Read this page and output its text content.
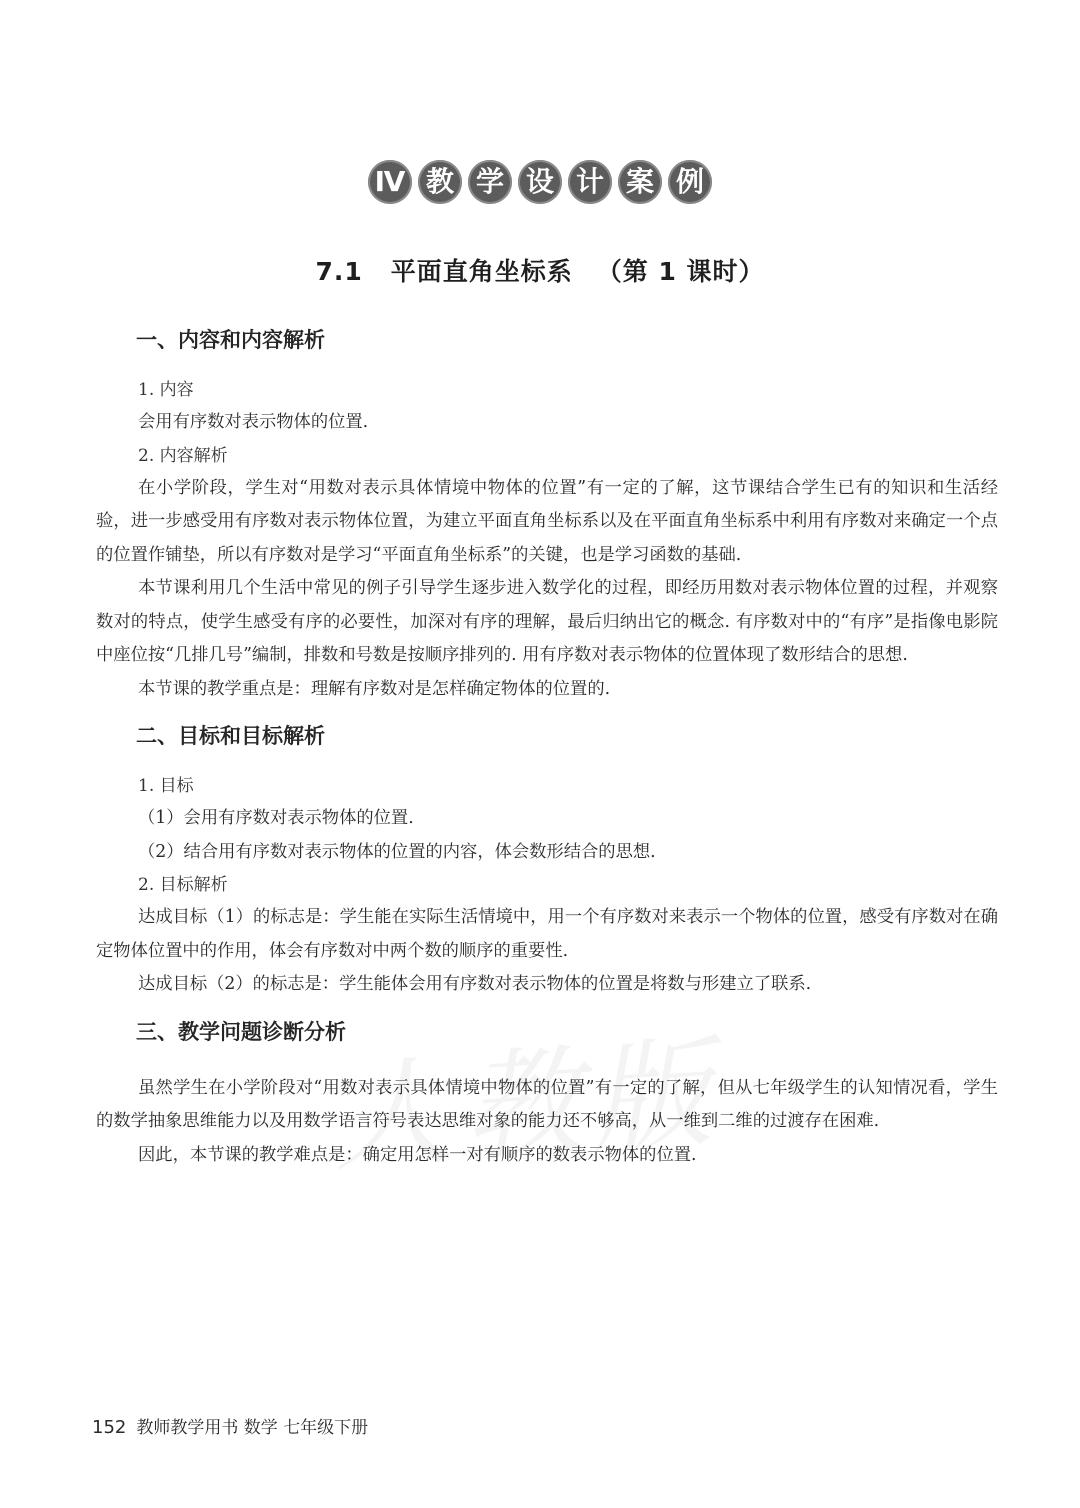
Ⅳ 教 学 设 计 案 例
7.1 平面直角坐标系 （第 1 课时）
一、内容和内容解析
1. 内容

会用有序数对表示物体的位置.

2. 内容解析

在小学阶段，学生对“用数对表示具体情境中物体的位置”有一定的了解，这节课结合学生已有的知识和生活经验，进一步感受用有序数对表示物体位置，为建立平面直角坐标系以及在平面直角坐标系中利用有序数对来确定一个点的位置作铺垫，所以有序数对是学习“平面直角坐标系”的关键，也是学习函数的基础.

本节课利用几个生活中常见的例子引导学生逐步进入数学化的过程，即经历用数对表示物体位置的过程，并观察数对的特点，使学生感受有序的必要性，加深对有序的理解，最后归纳出它的概念. 有序数对中的“有序”是指像电影院中座位按“几排几号”编制，排数和号数是按顺序排列的. 用有序数对表示物体的位置体现了数形结合的思想.

本节课的教学重点是：理解有序数对是怎样确定物体的位置的.

二、目标和目标解析
1. 目标

（1）会用有序数对表示物体的位置.

（2）结合用有序数对表示物体的位置的内容，体会数形结合的思想.

2. 目标解析

达成目标（1）的标志是：学生能在实际生活情境中，用一个有序数对来表示一个物体的位置，感受有序数对在确定物体位置中的作用，体会有序数对中两个数的顺序的重要性.

达成目标（2）的标志是：学生能体会用有序数对表示物体的位置是将数与形建立了联系.

三、教学问题诊断分析

虽然学生在小学阶段对“用数对表示具体情境中物体的位置”有一定的了解，但从七年级学生的认知情况看，学生的数学抽象思维能力以及用数学语言符号表达思维对象的能力还不够高，从一维到二维的过渡存在困难.

因此，本节课的教学难点是：确定用怎样一对有顺序的数表示物体的位置.

152 教师教学用书 数学 七年级下册
